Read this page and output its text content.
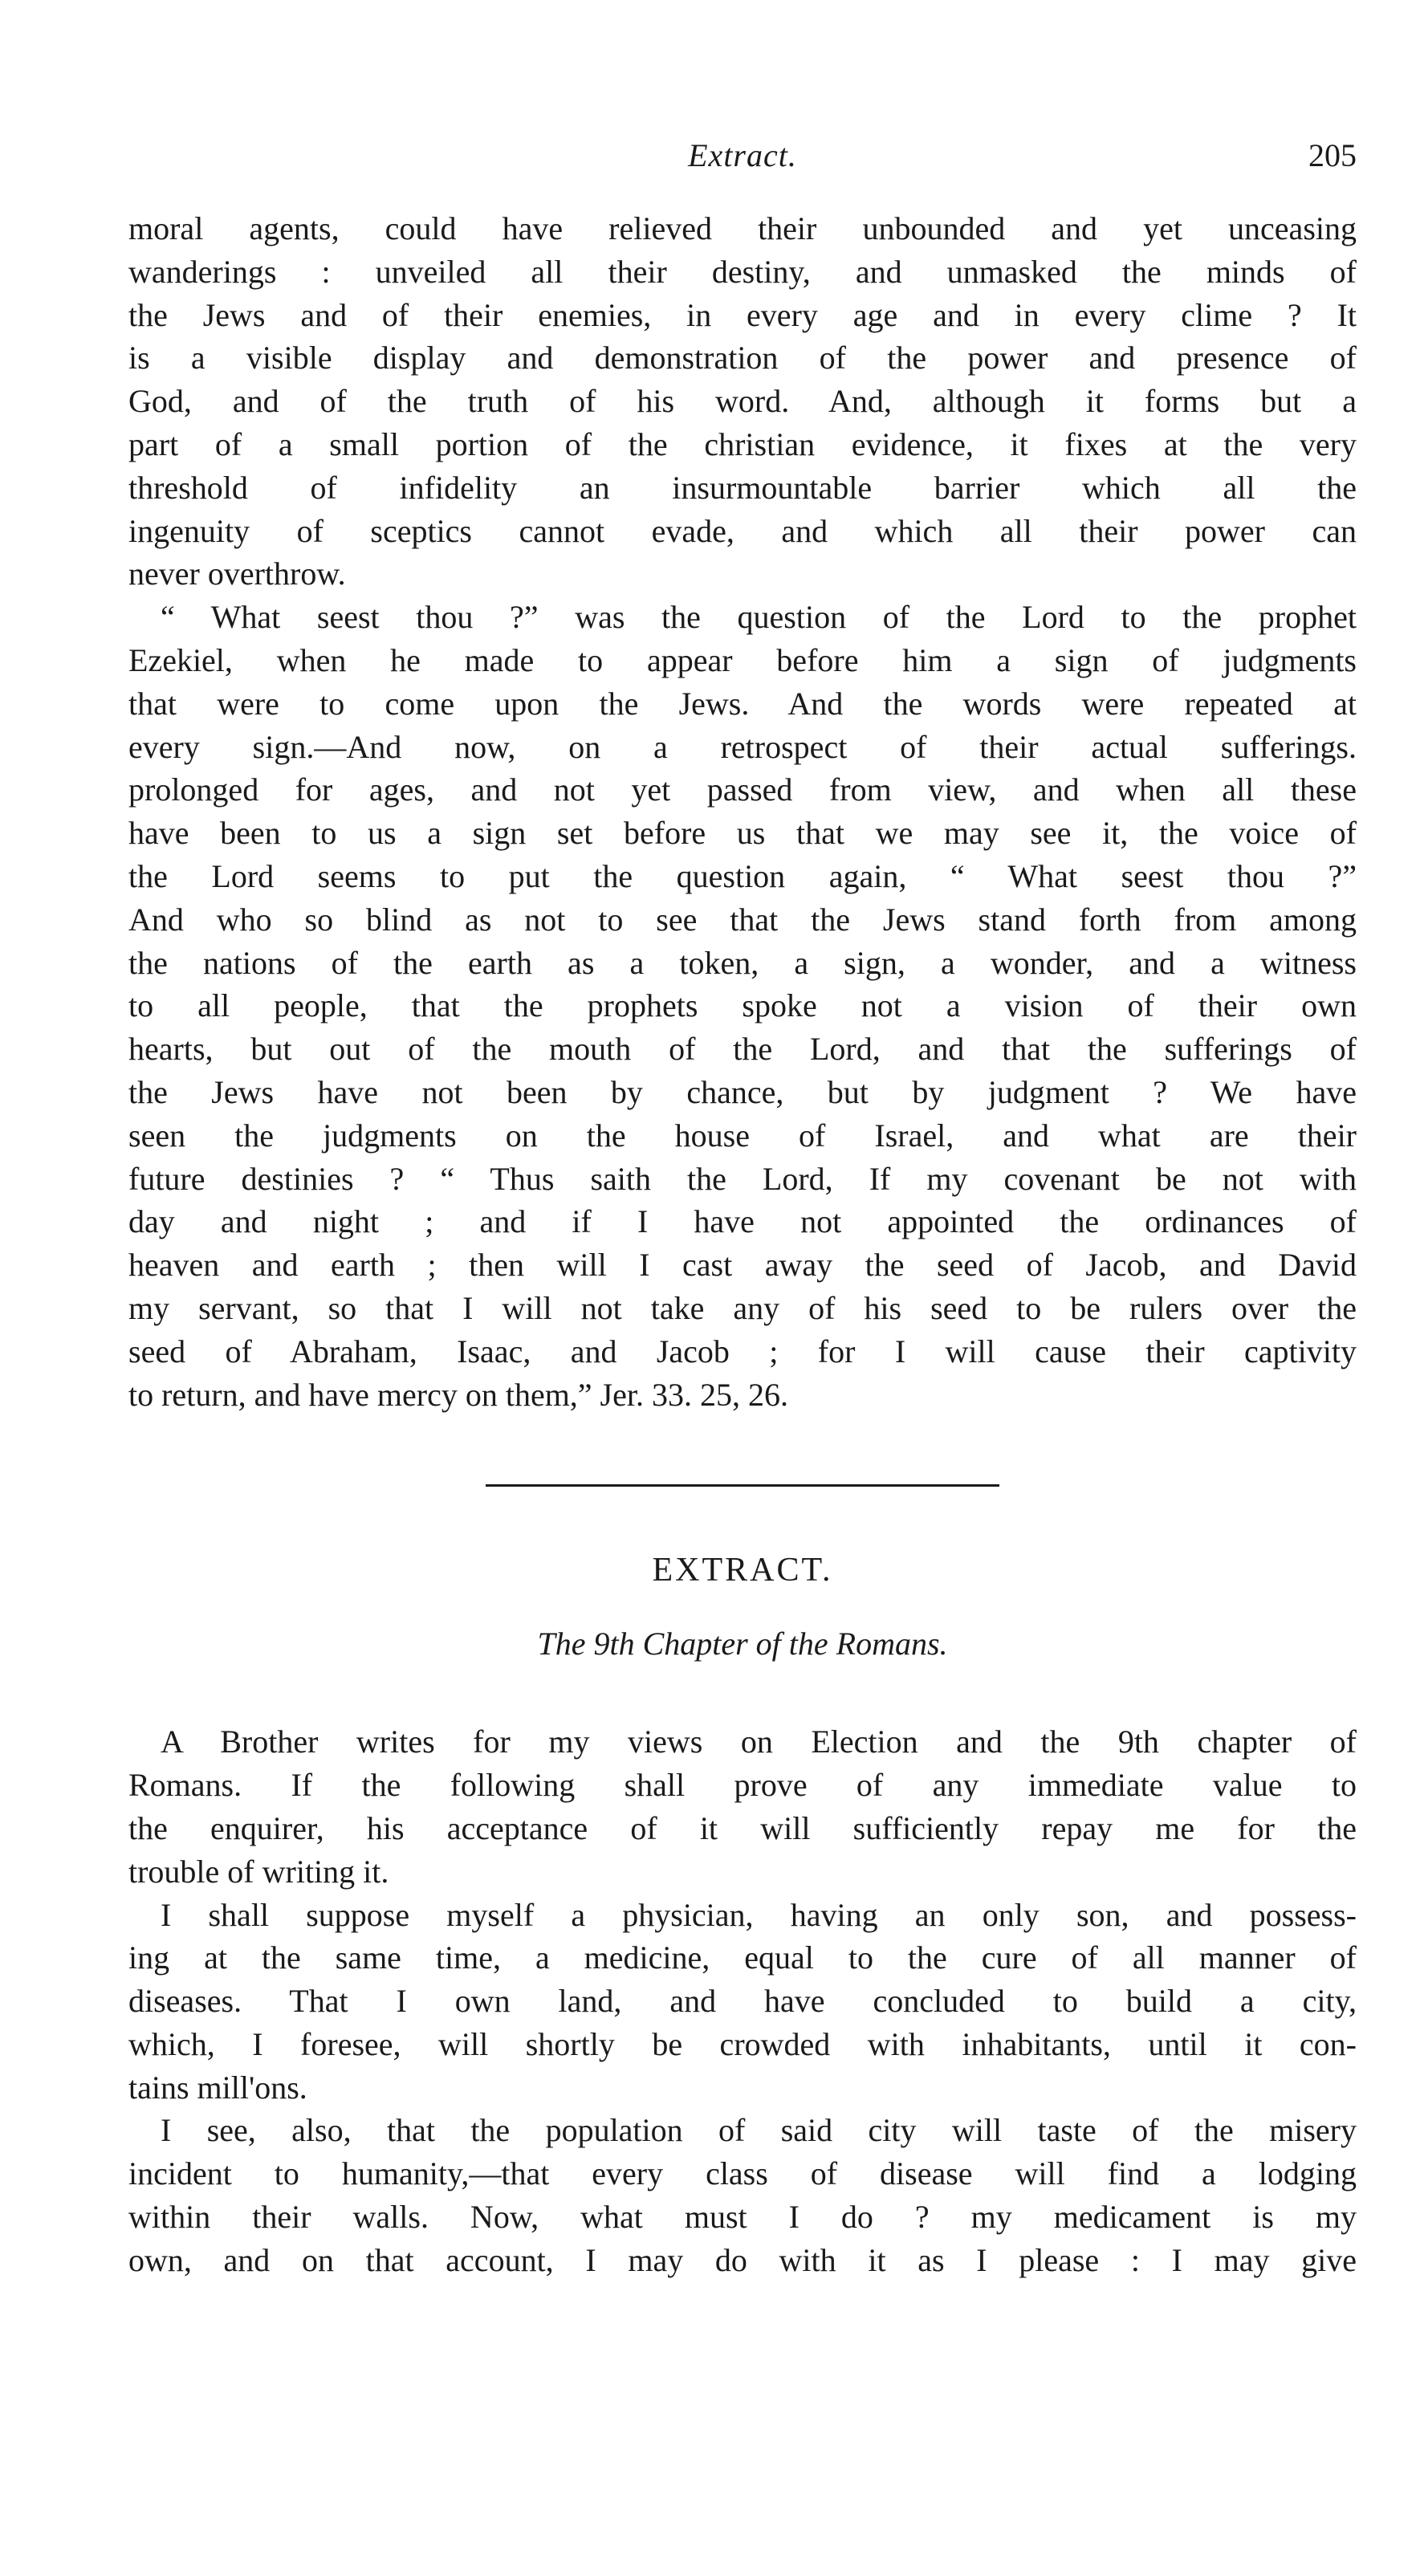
Extract.	205

moral agents, could have relieved their unbounded and yet unceasing
wanderings : unveiled all their destiny, and unmasked the minds of
the Jews and of their enemies, in every age and in every clime ? It
is a visible display and demonstration of the power and presence of
God, and of the truth of his word. And, although it forms but a
part of a small portion of the christian evidence, it fixes at the very
threshold of infidelity an insurmountable barrier which all the
ingenuity of sceptics cannot evade, and which all their power can
never overthrow.

“ What seest thou ?” was the question of the Lord to the prophet
Ezekiel, when he made to appear before him a sign of judgments
that were to come upon the Jews. And the words were repeated at
every sign.—And now, on a retrospect of their actual sufferings.
prolonged for ages, and not yet passed from view, and when all these
have been to us a sign set before us that we may see it, the voice of
the Lord seems to put the question again, “ What seest thou ?”
And who so blind as not to see that the Jews stand forth from among
the nations of the earth as a token, a sign, a wonder, and a witness
to all people, that the prophets spoke not a vision of their own
hearts, but out of the mouth of the Lord, and that the sufferings of
the Jews have not been by chance, but by judgment ? We have
seen the judgments on the house of Israel, and what are their
future destinies ? “ Thus saith the Lord, If my covenant be not with
day and night ; and if I have not appointed the ordinances of
heaven and earth ; then will I cast away the seed of Jacob, and David
my servant, so that I will not take any of his seed to be rulers over the
seed of Abraham, Isaac, and Jacob ; for I will cause their captivity
to return, and have mercy on them,” Jer. 33. 25, 26.

EXTRACT.
The 9th Chapter of the Romans.

A Brother writes for my views on Election and the 9th chapter of
Romans. If the following shall prove of any immediate value to
the enquirer, his acceptance of it will sufficiently repay me for the
trouble of writing it.

I shall suppose myself a physician, having an only son, and possess-
ing at the same time, a medicine, equal to the cure of all manner of
diseases. That I own land, and have concluded to build a city,
which, I foresee, will shortly be crowded with inhabitants, until it con-
tains mill'ons.

I see, also, that the population of said city will taste of the misery
incident to humanity,—that every class of disease will find a lodging
within their walls. Now, what must I do ? my medicament is my
own, and on that account, I may do with it as I please : I may give
